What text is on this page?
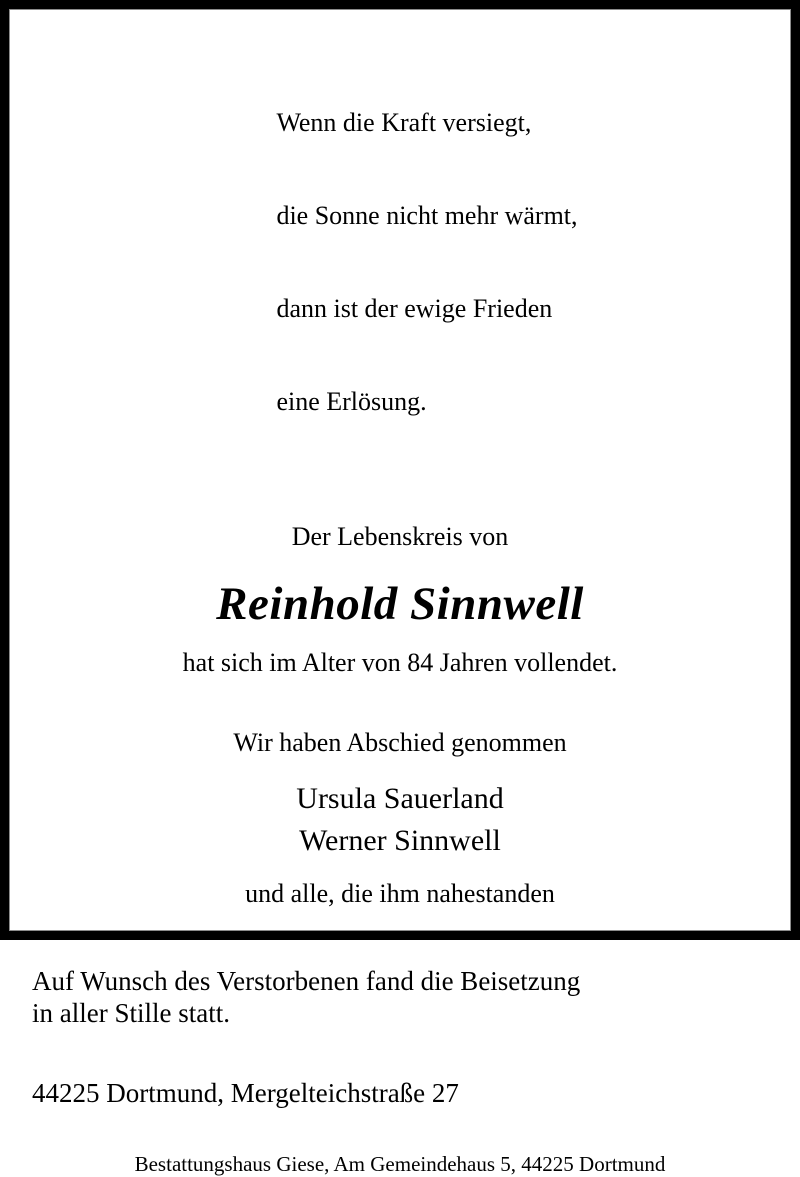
Wenn die Kraft versiegt,

die Sonne nicht mehr wärmt,

dann ist der ewige Frieden

eine Erlösung.

Der Lebenskreis von
Reinhold Sinnwell
hat sich im Alter von 84 Jahren vollendet.
Wir haben Abschied genommen
Ursula Sauerland
Werner Sinnwell
und alle, die ihm nahestanden
Auf Wunsch des Verstorbenen fand die Beisetzung
in aller Stille statt.
44225 Dortmund, Mergelteichstraße 27
Bestattungshaus Giese, Am Gemeindehaus 5, 44225 Dortmund
